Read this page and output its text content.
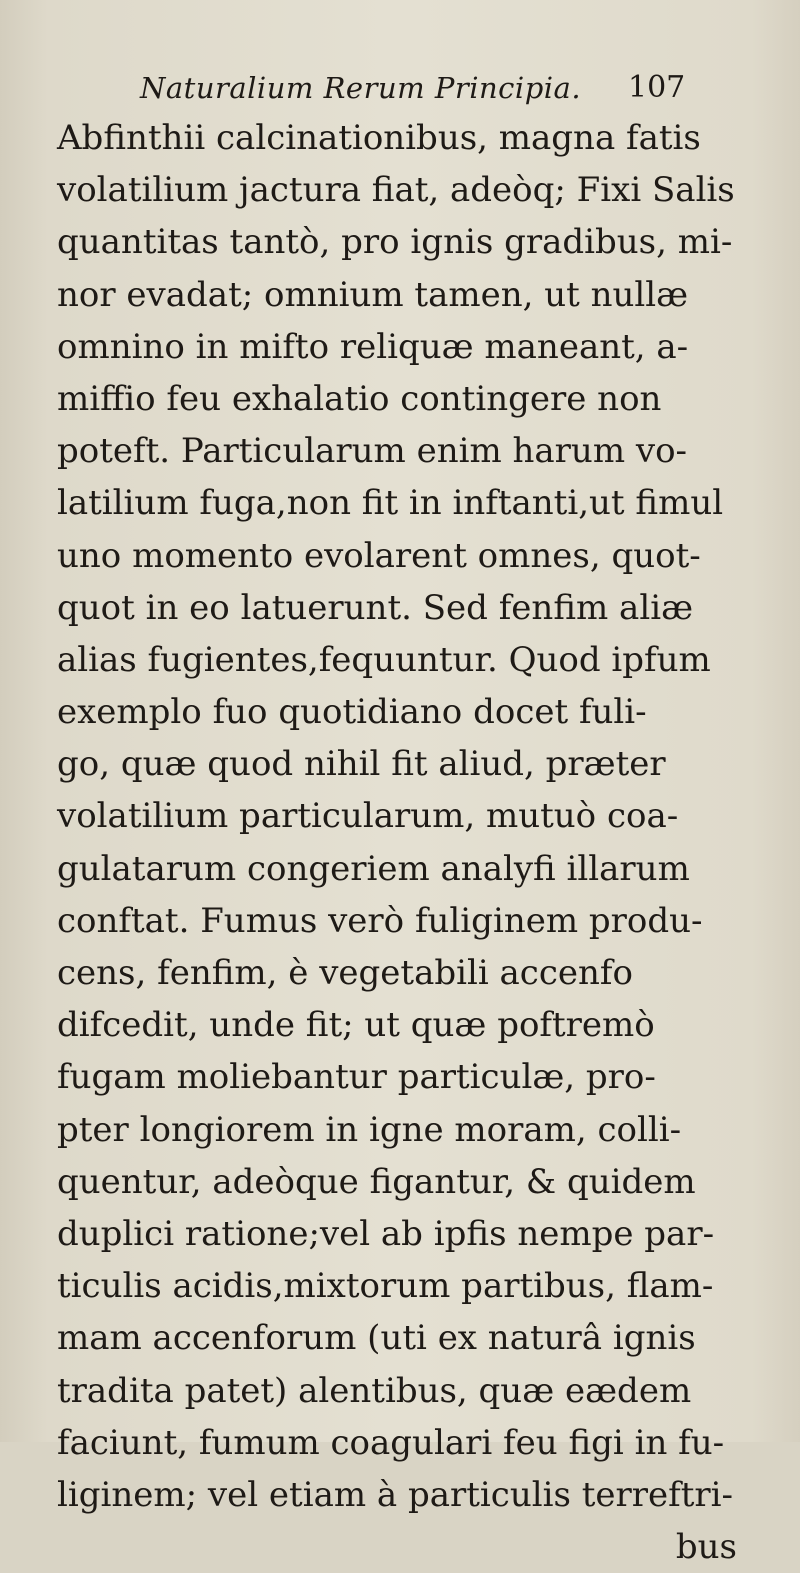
Naturalium Rerum Principia. 107
Abfinthii calcinationibus, magna fatis
volatilium jactura fiat, adeòq; Fixi Salis
quantitas tantò, pro ignis gradibus, mi-
nor evadat; omnium tamen, ut nullæ
omnino in mifto reliquæ maneant, a-
miffio feu exhalatio contingere non
poteft. Particularum enim harum vo-
latilium fuga,non fit in inftanti,ut fimul
uno momento evolarent omnes, quot-
quot in eo latuerunt. Sed fenfim aliæ
alias fugientes,fequuntur. Quod ipfum
exemplo fuo quotidiano docet fuli-
go, quæ quod nihil fit aliud, præter
volatilium particularum, mutuò coa-
gulatarum congeriem analyfi illarum
conftat. Fumus verò fuliginem produ-
cens, fenfim, è vegetabili accenfo
difcedit, unde fit; ut quæ poftremò
fugam moliebantur particulæ, pro-
pter longiorem in igne moram, colli-
quentur, adeòque figantur, & quidem
duplici ratione;vel ab ipfis nempe par-
ticulis acidis,mixtorum partibus, flam-
mam accenforum (uti ex naturâ ignis
tradita patet) alentibus, quæ eædem
faciunt, fumum coagulari feu figi in fu-
liginem; vel etiam à particulis terreftri-
bus
